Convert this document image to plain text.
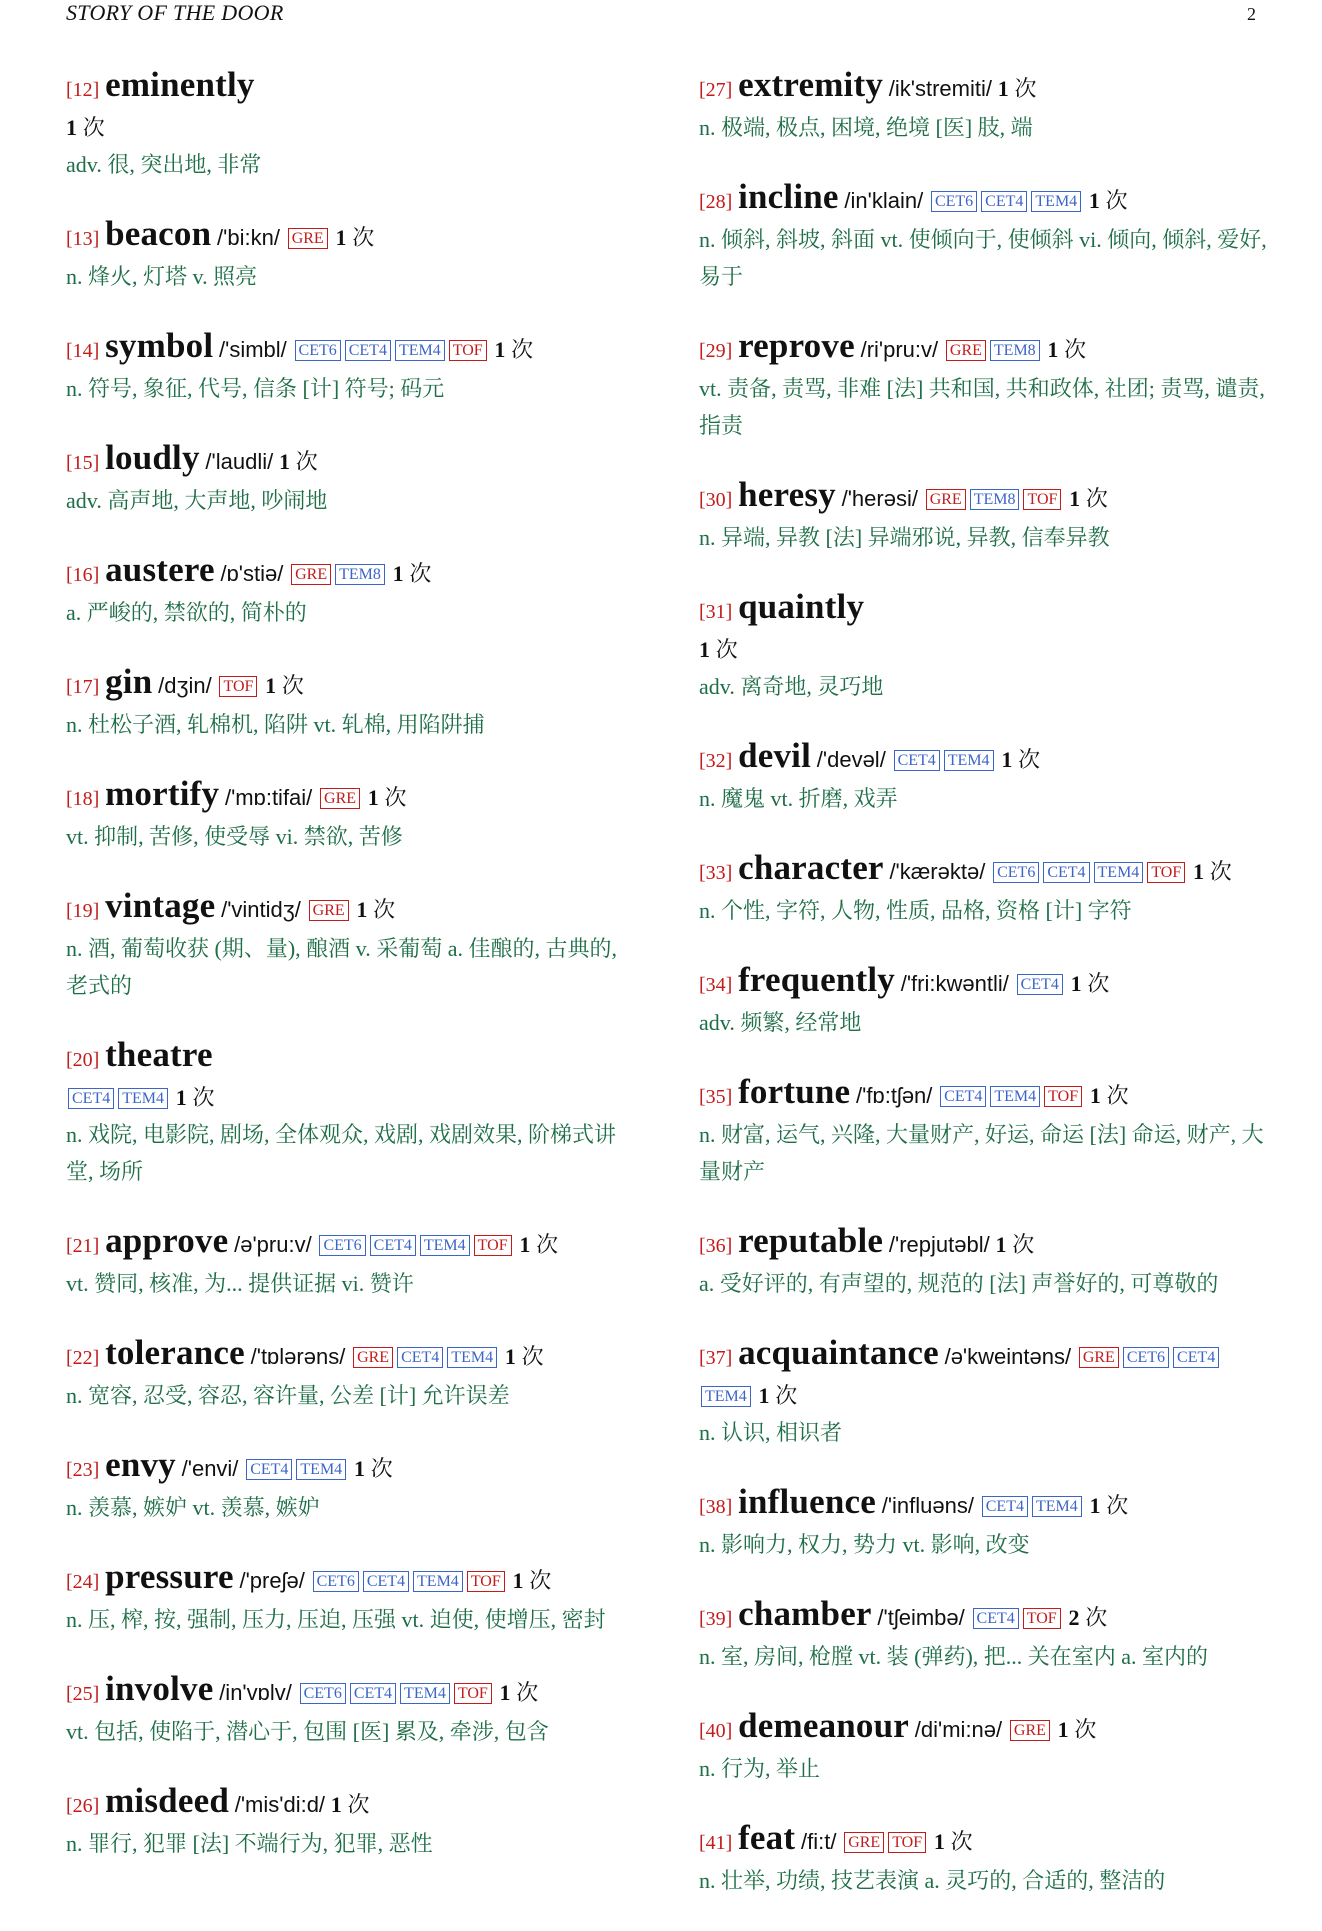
STORY OF THE DOOR	2
[12] eminently
1 次
adv. 很, 突出地, 非常
[13] beacon /'bi:kn/ GRE 1 次
n. 烽火, 灯塔 v. 照亮
[14] symbol /'simbl/ CET6 CET4 TEM4 TOF 1 次
n. 符号, 象征, 代号, 信条 [计] 符号; 码元
[15] loudly /'laudli/ 1 次
adv. 高声地, 大声地, 吵闹地
[16] austere /ɒ'stiə/ GRE TEM8 1 次
a. 严峻的, 禁欲的, 简朴的
[17] gin /dʒin/ TOF 1 次
n. 杜松子酒, 轧棉机, 陷阱 vt. 轧棉, 用陷阱捕
[18] mortify /'mɒ:tifai/ GRE 1 次
vt. 抑制, 苦修, 使受辱 vi. 禁欲, 苦修
[19] vintage /'vintidʒ/ GRE 1 次
n. 酒, 葡萄收获 (期、量), 酿酒 v. 采葡萄 a. 佳酿的, 古典的, 老式的
[20] theatre
CET4 TEM4 1 次
n. 戏院, 电影院, 剧场, 全体观众, 戏剧, 戏剧效果, 阶梯式讲堂, 场所
[21] approve /ə'pru:v/ CET6 CET4 TEM4 TOF 1 次
vt. 赞同, 核准, 为... 提供证据 vi. 赞许
[22] tolerance /'tɒlərəns/ GRE CET4 TEM4 1 次
n. 宽容, 忍受, 容忍, 容许量, 公差 [计] 允许误差
[23] envy /'envi/ CET4 TEM4 1 次
n. 羡慕, 嫉妒 vt. 羡慕, 嫉妒
[24] pressure /'preʃə/ CET6 CET4 TEM4 TOF 1 次
n. 压, 榨, 按, 强制, 压力, 压迫, 压强 vt. 迫使, 使增压, 密封
[25] involve /in'vɒlv/ CET6 CET4 TEM4 TOF 1 次
vt. 包括, 使陷于, 潜心于, 包围 [医] 累及, 牵涉, 包含
[26] misdeed /'mis'di:d/ 1 次
n. 罪行, 犯罪 [法] 不端行为, 犯罪, 恶性
[27] extremity /ik'stremiti/ 1 次
n. 极端, 极点, 困境, 绝境 [医] 肢, 端
[28] incline /in'klain/ CET6 CET4 TEM4 1 次
n. 倾斜, 斜坡, 斜面 vt. 使倾向于, 使倾斜 vi. 倾向, 倾斜, 爱好, 易于
[29] reprove /ri'pru:v/ GRE TEM8 1 次
vt. 责备, 责骂, 非难 [法] 共和国, 共和政体, 社团; 责骂, 谴责, 指责
[30] heresy /'herəsi/ GRE TEM8 TOF 1 次
n. 异端, 异教 [法] 异端邪说, 异教, 信奉异教
[31] quaintly
1 次
adv. 离奇地, 灵巧地
[32] devil /'devəl/ CET4 TEM4 1 次
n. 魔鬼 vt. 折磨, 戏弄
[33] character /'kærəktə/ CET6 CET4 TEM4 TOF 1 次
n. 个性, 字符, 人物, 性质, 品格, 资格 [计] 字符
[34] frequently /'fri:kwəntli/ CET4 1 次
adv. 频繁, 经常地
[35] fortune /'fɒ:tʃən/ CET4 TEM4 TOF 1 次
n. 财富, 运气, 兴隆, 大量财产, 好运, 命运 [法] 命运, 财产, 大量财产
[36] reputable /'repjutəbl/ 1 次
a. 受好评的, 有声望的, 规范的 [法] 声誉好的, 可尊敬的
[37] acquaintance /ə'kweintəns/ GRE CET6 CET4TEM4 1 次
n. 认识, 相识者
[38] influence /'influəns/ CET4 TEM4 1 次
n. 影响力, 权力, 势力 vt. 影响, 改变
[39] chamber /'tʃeimbə/ CET4 TOF 2 次
n. 室, 房间, 枪膛 vt. 装 (弹药), 把... 关在室内 a. 室内的
[40] demeanour /di'mi:nə/ GRE 1 次
n. 行为, 举止
[41] feat /fi:t/ GRE TOF 1 次
n. 壮举, 功绩, 技艺表演 a. 灵巧的, 合适的, 整洁的
